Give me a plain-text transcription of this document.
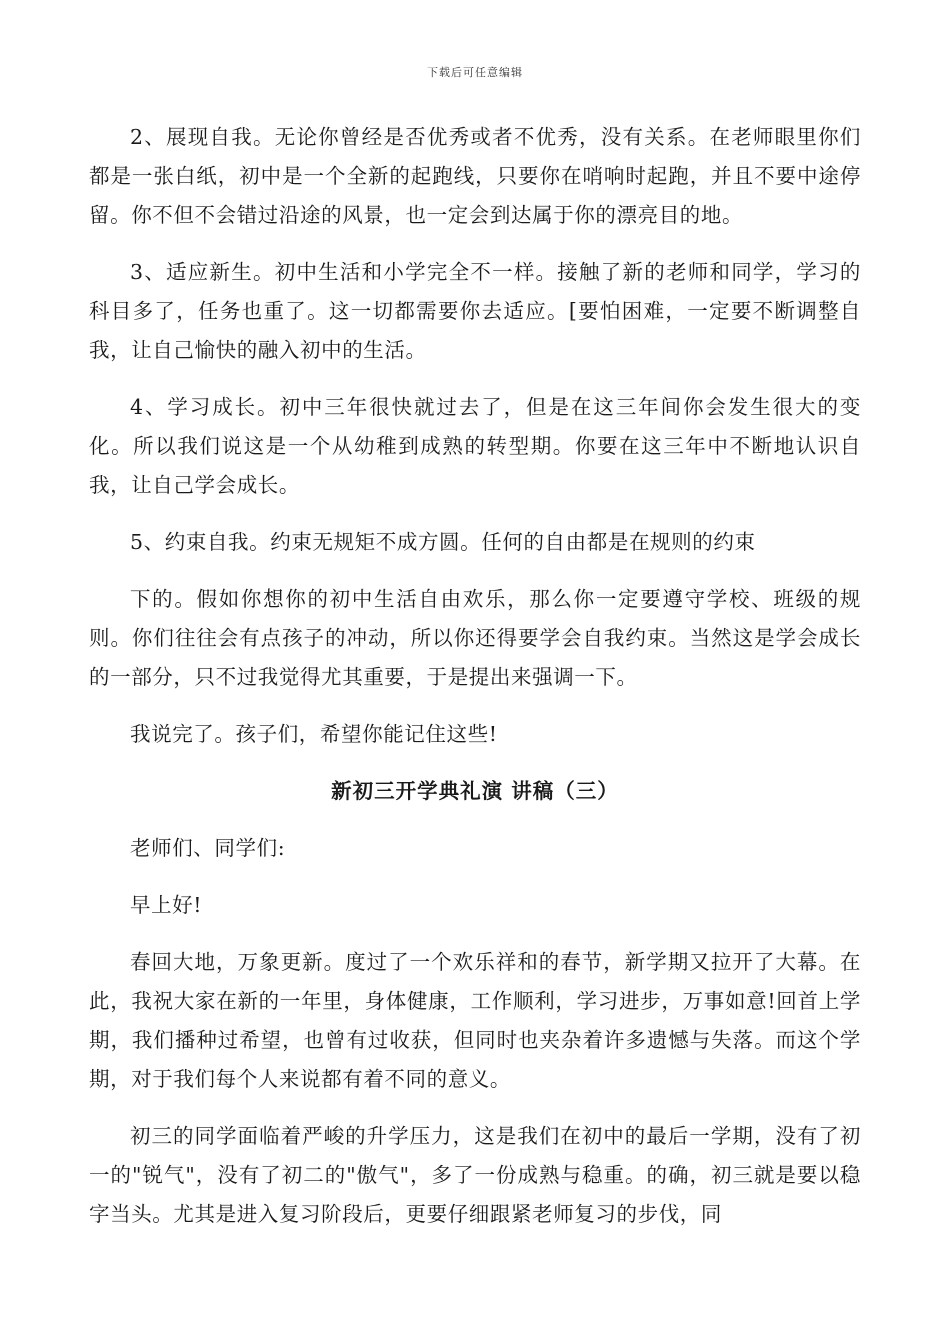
下载后可任意编辑

2、展现自我。无论你曾经是否优秀或者不优秀，没有关系。在老师眼里你们都是一张白纸，初中是一个全新的起跑线，只要你在哨响时起跑，并且不要中途停留。你不但不会错过沿途的风景，也一定会到达属于你的漂亮目的地。

3、适应新生。初中生活和小学完全不一样。接触了新的老师和同学，学习的科目多了，任务也重了。这一切都需要你去适应。[要怕困难，一定要不断调整自我，让自己愉快的融入初中的生活。

4、学习成长。初中三年很快就过去了，但是在这三年间你会发生很大的变化。所以我们说这是一个从幼稚到成熟的转型期。你要在这三年中不断地认识自我，让自己学会成长。

5、约束自我。约束无规矩不成方圆。任何的自由都是在规则的约束

下的。假如你想你的初中生活自由欢乐，那么你一定要遵守学校、班级的规则。你们往往会有点孩子的冲动，所以你还得要学会自我约束。当然这是学会成长的一部分，只不过我觉得尤其重要，于是提出来强调一下。

我说完了。孩子们，希望你能记住这些!

新初三开学典礼演 讲稿（三）

老师们、同学们:

早上好!

春回大地，万象更新。度过了一个欢乐祥和的春节，新学期又拉开了大幕。在此，我祝大家在新的一年里，身体健康，工作顺利，学习进步，万事如意!回首上学期，我们播种过希望，也曾有过收获，但同时也夹杂着许多遗憾与失落。而这个学期，对于我们每个人来说都有着不同的意义。

初三的同学面临着严峻的升学压力，这是我们在初中的最后一学期，没有了初一的"锐气"，没有了初二的"傲气"，多了一份成熟与稳重。的确，初三就是要以稳字当头。尤其是进入复习阶段后，更要仔细跟紧老师复习的步伐，同
